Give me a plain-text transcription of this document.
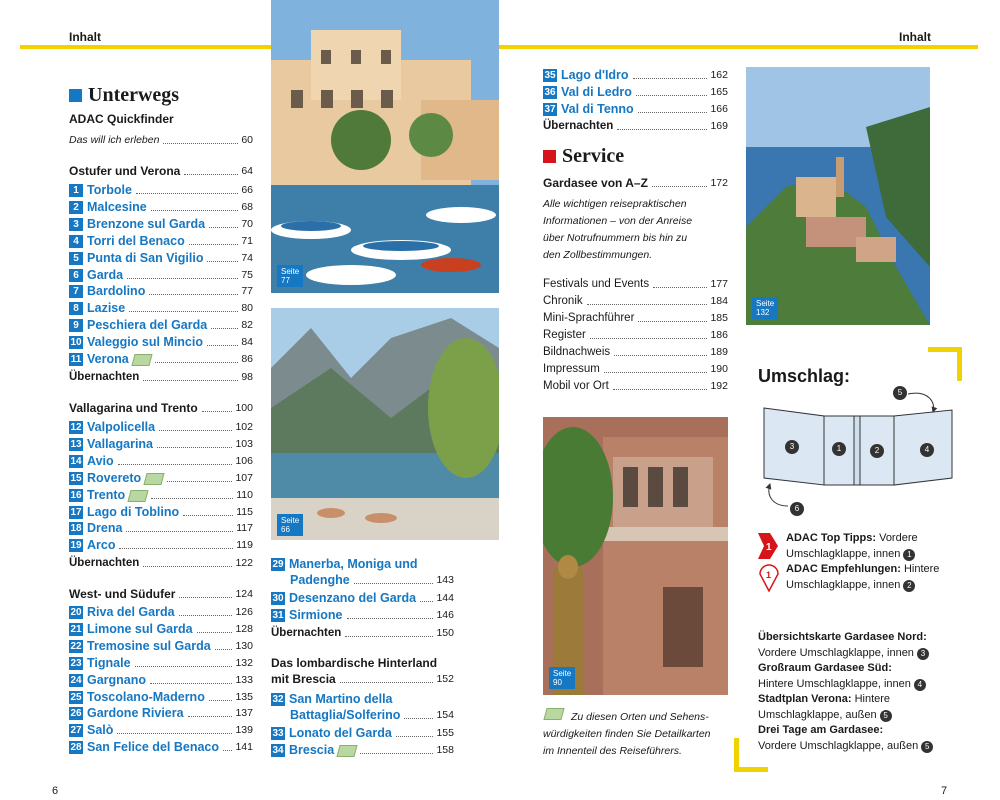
Inhalt	Inhalt
Unterwegs
ADAC Quickfinder
Das will ich erleben	60
Ostufer und Verona	64
1 Torbole	66
2 Malcesine	68
3 Brenzone sul Garda	70
4 Torri del Benaco	71
5 Punta di San Vigilio	74
6 Garda	75
7 Bardolino	77
8 Lazise	80
9 Peschiera del Garda	82
10 Valeggio sul Mincio	84
11 Verona	86
Übernachten	98
Vallagarina und Trento	100
12 Valpolicella	102
13 Vallagarina	103
14 Avio	106
15 Rovereto	107
16 Trento	110
17 Lago di Toblino	115
18 Drena	117
19 Arco	119
Übernachten	122
West- und Südufer	124
20 Riva del Garda	126
21 Limone sul Garda	128
22 Tremosine sul Garda 130
23 Tignale	132
24 Gargnano	133
25 Toscolano-Maderno	135
26 Gardone Riviera	137
27 Salò	139
28 San Felice del Benaco 141
Seite
77
Seite
66
29 Manerba, Moniga und
Padenghe	143
30 Desenzano del Garda 144
31 Sirmione	146
Übernachten	150
Das lombardische Hinterland
mit Brescia	152
32 San Martino della
Battaglia/Solferino	154
33 Lonato del Garda	155
34 Brescia	158
35 Lago d'Idro	162
36 Val di Ledro	165
37 Val di Tenno	166
Übernachten	169
Service
Gardasee von A–Z	172
Alle wichtigen reisepraktischen
Informationen – von der Anreise
über Notrufnummern bis hin zu
den Zollbestimmungen.
Festivals und Events	177
Chronik	184
Mini-Sprachführer	185
Register	186
Bildnachweis	189
Impressum	190
Mobil vor Ort	192
Seite
90
Zu diesen Orten und Sehens-
würdigkeiten finden Sie Detailkarten
im Innenteil des Reiseführers.
Seite
132
Umschlag:
3	1	2	4
5
6
1
ADAC Top Tipps: Vordere
Umschlagklappe, innen 1
1 ADAC Empfehlungen: Hintere
Umschlagklappe, innen 2
Übersichtskarte Gardasee Nord:
Vordere Umschlagklappe, innen 3
Großraum Gardasee Süd:
Hintere Umschlagklappe, innen 4
Stadtplan Verona: Hintere
Umschlagklappe, außen 5
Drei Tage am Gardasee:
Vordere Umschlagklappe, außen 5
6	7
